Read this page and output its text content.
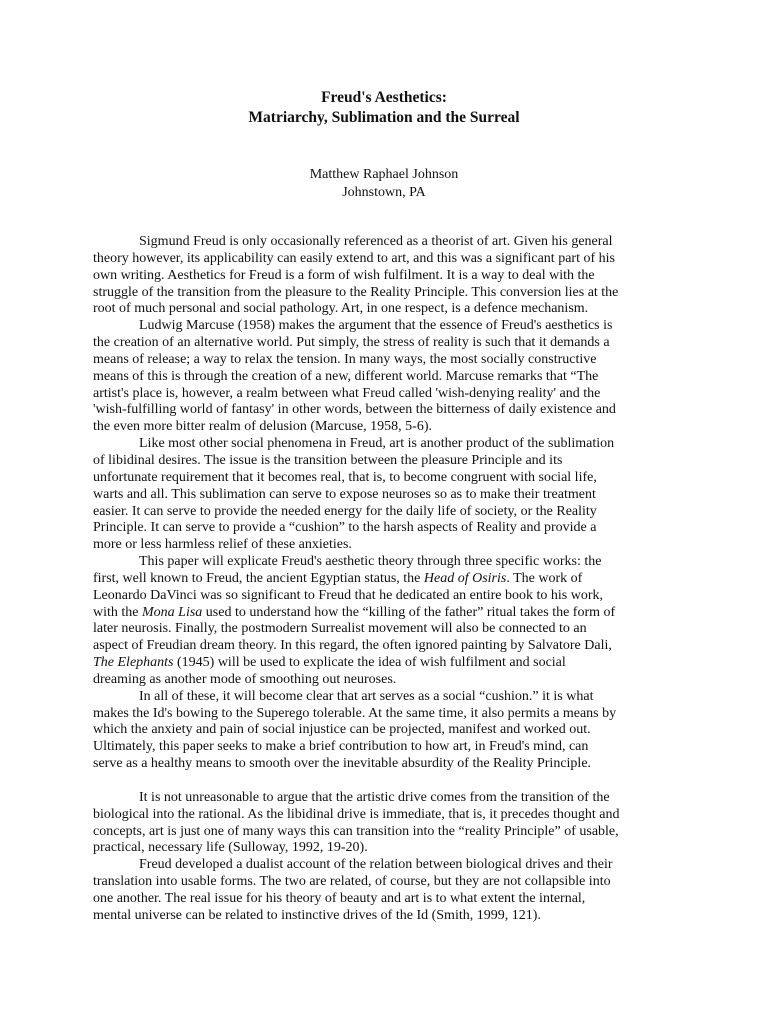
Freud's Aesthetics:
Matriarchy, Sublimation and the Surreal
Matthew Raphael Johnson
Johnstown, PA

Sigmund Freud is only occasionally referenced as a theorist of art. Given his general
theory however, its applicability can easily extend to art, and this was a significant part of his
own writing. Aesthetics for Freud is a form of wish fulfilment. It is a way to deal with the
struggle of the transition from the pleasure to the Reality Principle. This conversion lies at the
root of much personal and social pathology. Art, in one respect, is a defence mechanism.

Ludwig Marcuse (1958) makes the argument that the essence of Freud's aesthetics is
the creation of an alternative world. Put simply, the stress of reality is such that it demands a
means of release; a way to relax the tension. In many ways, the most socially constructive
means of this is through the creation of a new, different world. Marcuse remarks that “The
artist's place is, however, a realm between what Freud called 'wish-denying reality' and the
'wish-fulfilling world of fantasy' in other words, between the bitterness of daily existence and
the even more bitter realm of delusion (Marcuse, 1958, 5-6).

Like most other social phenomena in Freud, art is another product of the sublimation
of libidinal desires. The issue is the transition between the pleasure Principle and its
unfortunate requirement that it becomes real, that is, to become congruent with social life,
warts and all. This sublimation can serve to expose neuroses so as to make their treatment
easier. It can serve to provide the needed energy for the daily life of society, or the Reality
Principle. It can serve to provide a “cushion” to the harsh aspects of Reality and provide a
more or less harmless relief of these anxieties.

This paper will explicate Freud's aesthetic theory through three specific works: the
first, well known to Freud, the ancient Egyptian status, the Head of Osiris. The work of
Leonardo DaVinci was so significant to Freud that he dedicated an entire book to his work,
with the Mona Lisa used to understand how the “killing of the father” ritual takes the form of
later neurosis. Finally, the postmodern Surrealist movement will also be connected to an
aspect of Freudian dream theory. In this regard, the often ignored painting by Salvatore Dali,
The Elephants (1945) will be used to explicate the idea of wish fulfilment and social
dreaming as another mode of smoothing out neuroses.

In all of these, it will become clear that art serves as a social “cushion.” it is what
makes the Id's bowing to the Superego tolerable. At the same time, it also permits a means by
which the anxiety and pain of social injustice can be projected, manifest and worked out.
Ultimately, this paper seeks to make a brief contribution to how art, in Freud's mind, can
serve as a healthy means to smooth over the inevitable absurdity of the Reality Principle.

It is not unreasonable to argue that the artistic drive comes from the transition of the
biological into the rational. As the libidinal drive is immediate, that is, it precedes thought and
concepts, art is just one of many ways this can transition into the “reality Principle” of usable,
practical, necessary life (Sulloway, 1992, 19-20).

Freud developed a dualist account of the relation between biological drives and their
translation into usable forms. The two are related, of course, but they are not collapsible into
one another. The real issue for his theory of beauty and art is to what extent the internal,
mental universe can be related to instinctive drives of the Id (Smith, 1999, 121).
